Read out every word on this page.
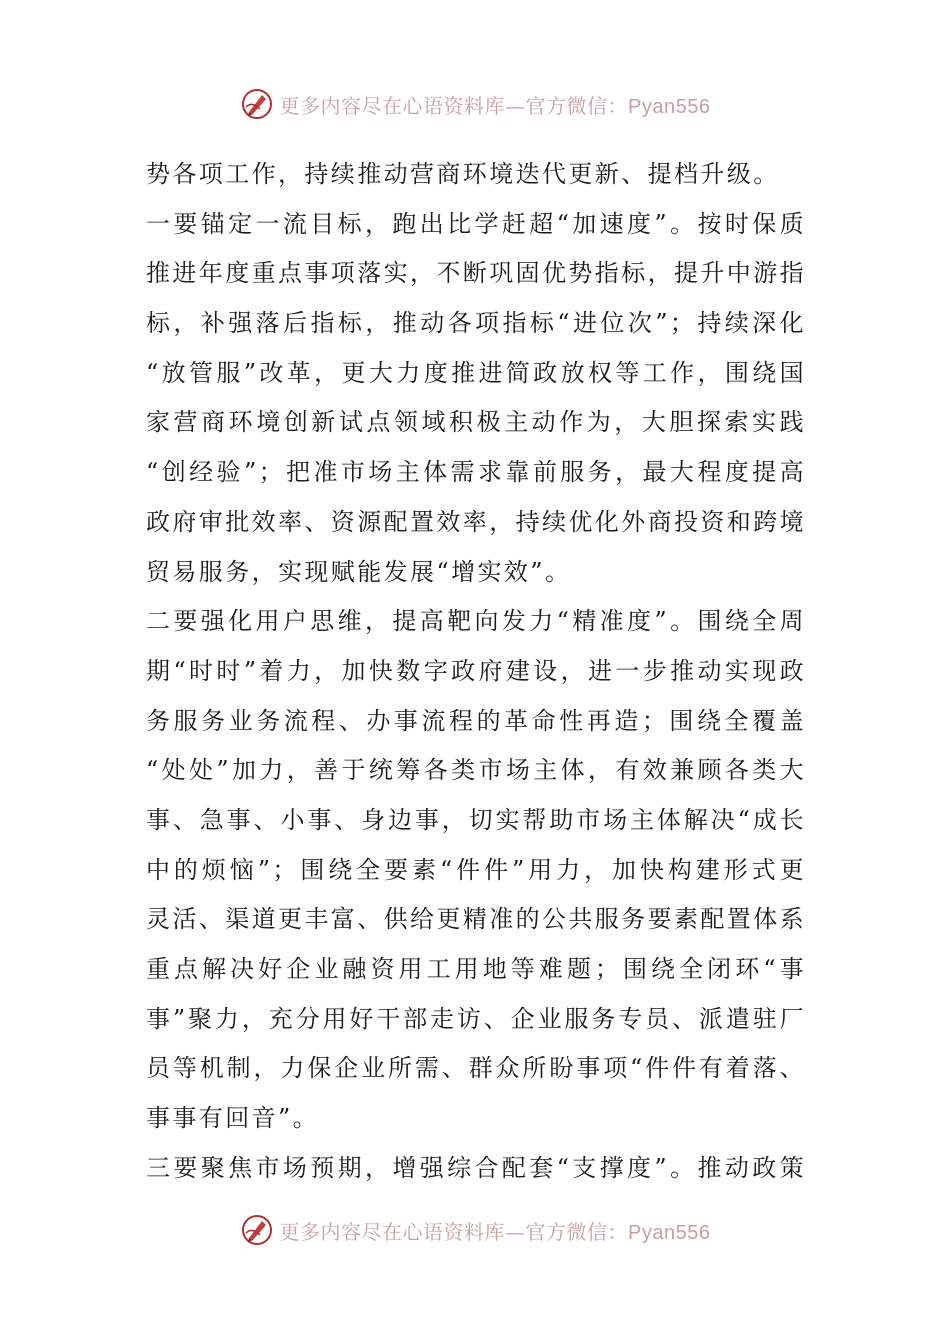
更多内容尽在心语资料库—官方微信：Pyan556
势各项工作，持续推动营商环境迭代更新、提档升级。
一要锚定一流目标，跑出比学赶超“加速度”。按时保质
推进年度重点事项落实，不断巩固优势指标，提升中游指
标，补强落后指标，推动各项指标“进位次”；持续深化
“放管服”改革，更大力度推进简政放权等工作，围绕国
家营商环境创新试点领域积极主动作为，大胆探索实践
“创经验”；把准市场主体需求靠前服务，最大程度提高
政府审批效率、资源配置效率，持续优化外商投资和跨境
贸易服务，实现赋能发展“增实效”。
二要强化用户思维，提高靶向发力“精准度”。围绕全周
期“时时”着力，加快数字政府建设，进一步推动实现政
务服务业务流程、办事流程的革命性再造；围绕全覆盖
“处处”加力，善于统筹各类市场主体，有效兼顾各类大
事、急事、小事、身边事，切实帮助市场主体解决“成长
中的烦恼”；围绕全要素“件件”用力，加快构建形式更
灵活、渠道更丰富、供给更精准的公共服务要素配置体系
重点解决好企业融资用工用地等难题；围绕全闭环“事
事”聚力，充分用好干部走访、企业服务专员、派遣驻厂
员等机制，力保企业所需、群众所盼事项“件件有着落、
事事有回音”。
三要聚焦市场预期，增强综合配套“支撑度”。推动政策
更多内容尽在心语资料库—官方微信：Pyan556
